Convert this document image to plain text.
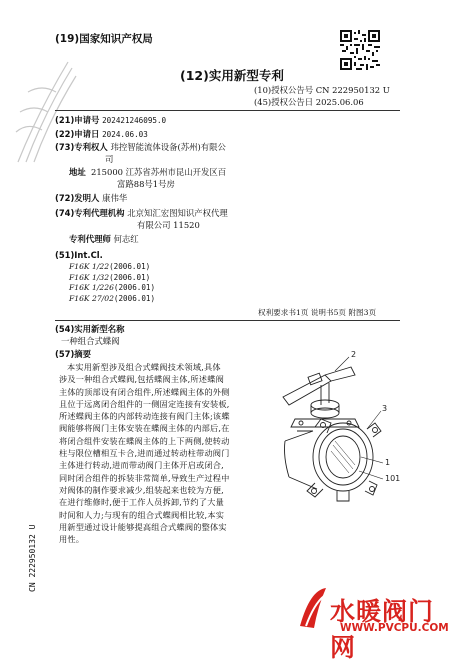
(19)国家知识产权局
(12)实用新型专利
(10)授权公告号 CN 222950132 U
(45)授权公告日 2025.06.06
(21)申请号 202421246095.0
(22)申请日 2024.06.03
(73)专利权人 玮控智能流体设备(苏州)有限公
司
地址 215000 江苏省苏州市昆山开发区百
富路88号1号房
(72)发明人 康伟华
(74)专利代理机构 北京知汇宏图知识产权代理
有限公司 11520
专利代理师 何志红
(51)Int.Cl.
F16K 1/22(2006.01)
F16K 1/32(2006.01)
F16K 1/226(2006.01)
F16K 27/02(2006.01)
权利要求书1页 说明书5页 附图3页
(54)实用新型名称
一种组合式蝶阀
(57)摘要
本实用新型涉及组合式蝶阀技术领域,具体
涉及一种组合式蝶阀,包括蝶阀主体,所述蝶阀
主体的顶部设有闭合组件,所述蝶阀主体的外侧
且位于远离闭合组件的一侧固定连接有安装板,
所述蝶阀主体的内部转动连接有阀门主体;该蝶
阀能够将阀门主体安装在蝶阀主体的内部后,在
将闭合组件安装在蝶阀主体的上下两侧,使转动
柱与限位槽相互卡合,进而通过转动柱带动阀门
主体进行转动,进而带动阀门主体开启或闭合,
同时闭合组件的拆装非常简单,导致生产过程中
对阀体的制作要求减少,组装起来也较为方便,
在进行维修时,便于工作人员拆卸,节约了大量
时间和人力;与现有的组合式蝶阀相比较,本实
用新型通过设计能够提高组合式蝶阀的整体实
用性。
2
3
1
101
CN 222950132 U
水暖阀门网
WWW.PVCPU.COM
